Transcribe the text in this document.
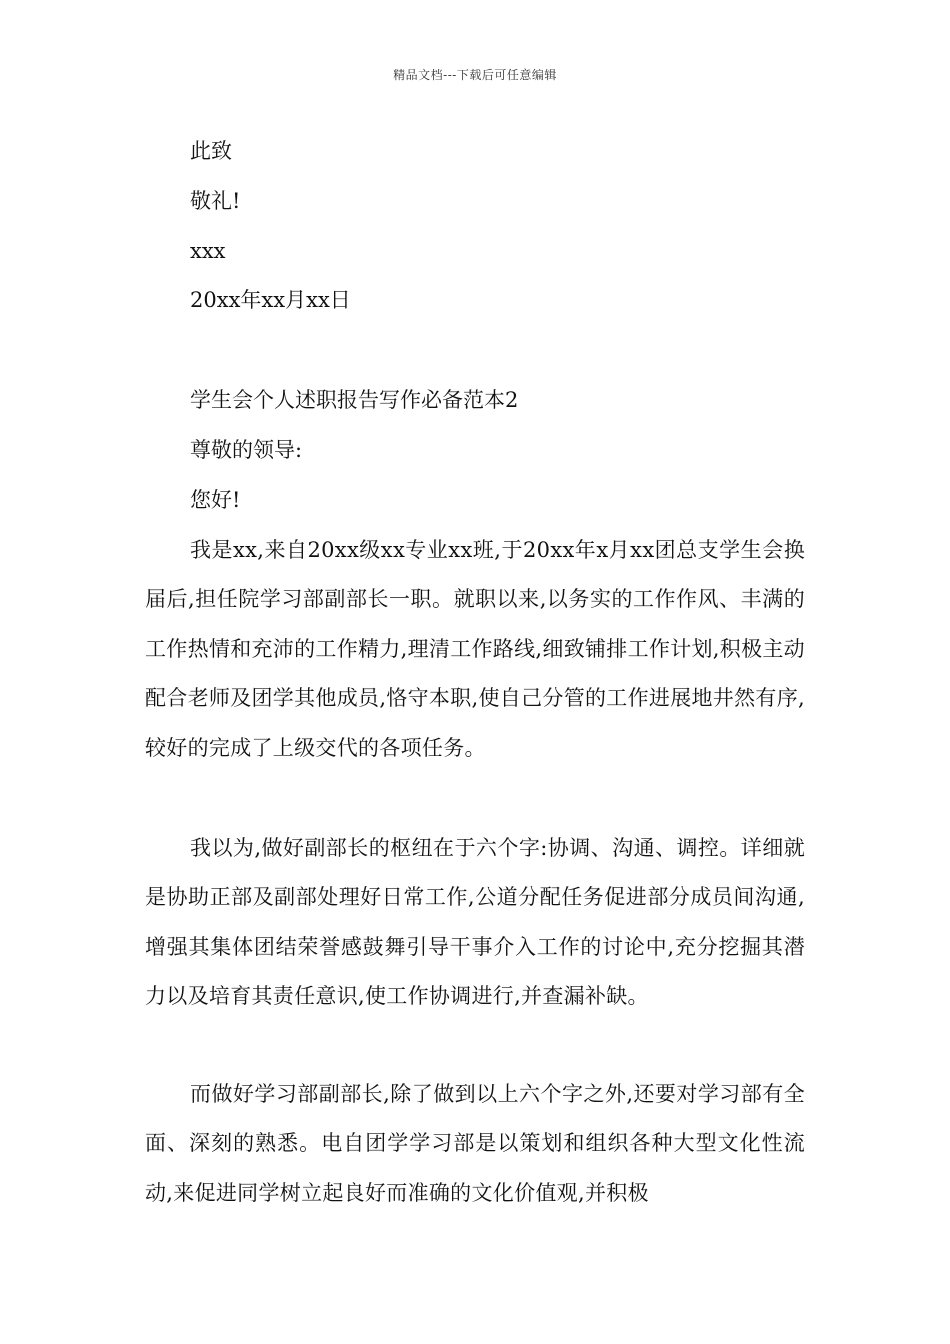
精品文档---下载后可任意编辑
此致
敬礼!
xxx
20xx年xx月xx日
学生会个人述职报告写作必备范本2
尊敬的领导:
您好!

我是xx,来自20xx级xx专业xx班,于20xx年x月xx团总支学生会换届后,担任院学习部副部长一职。就职以来,以务实的工作作风、丰满的工作热情和充沛的工作精力,理清工作路线,细致铺排工作计划,积极主动配合老师及团学其他成员,恪守本职,使自己分管的工作进展地井然有序,较好的完成了上级交代的各项任务。

我以为,做好副部长的枢纽在于六个字:协调、沟通、调控。详细就是协助正部及副部处理好日常工作,公道分配任务促进部分成员间沟通,增强其集体团结荣誉感鼓舞引导干事介入工作的讨论中,充分挖掘其潜力以及培育其责任意识,使工作协调进行,并查漏补缺。

而做好学习部副部长,除了做到以上六个字之外,还要对学习部有全面、深刻的熟悉。电自团学学习部是以策划和组织各种大型文化性流动,来促进同学树立起良好而准确的文化价值观,并积极
